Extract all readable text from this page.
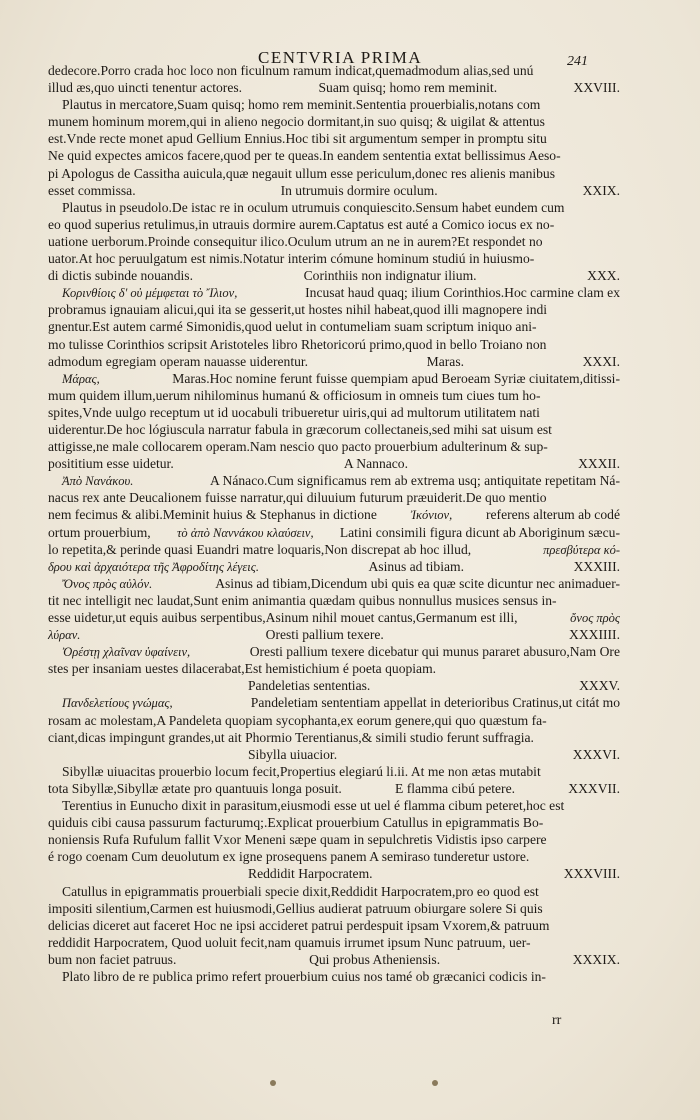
CENTVRIA PRIMA	241
dedecore.Porro crada hoc loco non ficulnum ramum indicat,quemadmodum alias,sed unú
illud æs,quo uincti tenentur actores.	Suam quisq; homo rem meminit.	XXVIII.
Plautus in mercatore,Suam quisq; homo rem meminit.Sententia prouerbialis,notans com
munem hominum morem,qui in alieno negocio dormitant,in suo quisq; & uigilat & attentus
est.Vnde recte monet apud Gellium Ennius.Hoc tibi sit argumentum semper in promptu situ
Ne quid expectes amicos facere,quod per te queas.In eandem sententia extat bellissimus Aeso-
pi Apologus de Cassitha auicula,quæ negauit ullum esse periculum,donec res alienis manibus
esset commissa.	In utrumuis dormire oculum.	XXIX.
Plautus in pseudolo.De istac re in oculum utrumuis conquiescito.Sensum habet eundem cum
eo quod superius retulimus,in utrauis dormire aurem.Captatus est auté a Comico iocus ex no-
uatione uerborum.Proinde consequitur ilico.Oculum utrum an ne in aurem?Et respondet no
uator.At hoc peruulgatum est nimis.Notatur interim cómune hominum studiú in huiusmo-
di dictis subinde nouandis.	Corinthiis non indignatur ilium.	XXX.
Κορινθίοις δ' οὐ μέμφεται τὸ Ἴλιον,	Incusat haud quaq; ilium Corinthios.Hoc carmine clam ex
probramus ignauiam alicui,qui ita se gesserit,ut hostes nihil habeat,quod illi magnopere indi
gnentur.Est autem carmé Simonidis,quod uelut in contumeliam suam scriptum iniquo ani-
mo tulisse Corinthios scripsit Aristoteles libro Rhetoricorú primo,quod in bello Troiano non
admodum egregiam operam nauasse uiderentur.	Maras.	XXXI.
Μάρας,	Maras.Hoc nomine ferunt fuisse quempiam apud Beroeam Syriæ ciuitatem,ditissi-
mum quidem illum,uerum nihilominus humanú & officiosum in omneis tum ciues tum ho-
spites,Vnde uulgo receptum ut id uocabuli tribueretur uiris,qui ad multorum utilitatem nati
uiderentur.De hoc lógiuscula narratur fabula in græcorum collectaneis,sed mihi sat uisum est
attigisse,ne male collocarem operam.Nam nescio quo pacto prouerbium adulterinum & sup-
posititium esse uidetur.	A Nannaco.	XXXII.
Ἀπὸ Νανάκου.	A Nánaco.Cum significamus rem ab extrema usq; antiquitate repetitam Ná-
nacus rex ante Deucalionem fuisse narratur,qui diluuium futurum præuiderit.De quo mentio
nem fecimus & alibi.Meminit huius & Stephanus in dictione	Ἰκόνιον, referens alterum ab codé
ortum prouerbium, τὸ ἀπὸ Ναννάκου κλαύσειν, Latini consimili figura dicunt ab Aboriginum sæcu-
lo repetita,& perinde quasi Euandri matre loquaris,Non discrepat ab hoc illud,	πρεσβύτερα κό-
δρου καὶ ἀρχαιότερα τῆς Ἀφροδίτης λέγεις.	Asinus ad tibiam.	XXXIII.
Ὄνος πρὸς αὐλόν.	Asinus ad tibiam,Dicendum ubi quis ea quæ scite dicuntur nec animaduer-
tit nec intelligit nec laudat,Sunt enim animantia quædam quibus nonnullus musices sensus in-
esse uidetur,ut equis auibus serpentibus,Asinum nihil mouet cantus,Germanum est illi,	ὄνος πρὸς
λύραν.	Oresti pallium texere.	XXXIIII.
Ὀρέστῃ χλαῖναν ὑφαίνειν,	Oresti pallium texere dicebatur qui munus pararet abusuro,Nam Ore
stes per insaniam uestes dilacerabat,Est hemistichium é poeta quopiam.
Pandeletias sententias.	XXXV.
Πανδελετίους γνώμας,	Pandeletiam sententiam appellat in deterioribus Cratinus,ut citát mo
rosam ac molestam,A Pandeleta quopiam sycophanta,ex eorum genere,qui quo quæstum fa-
ciant,dicas impingunt grandes,ut ait Phormio Terentianus,& simili studio ferunt suffragia.
Sibylla uiuacior.	XXXVI.
Sibyllæ uiuacitas prouerbio locum fecit,Propertius elegiarú li.ii. At me non ætas mutabit
tota Sibyllæ,Sibyllæ ætate pro quantuuis longa posuit.	E flamma cibú petere.	XXXVII.
Terentius in Eunucho dixit in parasitum,eiusmodi esse ut uel é flamma cibum peteret,hoc est
quiduis cibi causa passurum facturumq;.Explicat prouerbium Catullus in epigrammatis Bo-
noniensis Rufa Rufulum fallit Vxor Meneni sæpe quam in sepulchretis Vidistis ipso carpere
é rogo coenam Cum deuolutum ex igne prosequens panem A semiraso tunderetur ustore.
Reddidit Harpocratem.	XXXVIII.
Catullus in epigrammatis prouerbiali specie dixit,Reddidit Harpocratem,pro eo quod est
impositi silentium,Carmen est huiusmodi,Gellius audierat patruum obiurgare solere Si quis
delicias diceret aut faceret Hoc ne ipsi accideret patrui perdespuit ipsam Vxorem,& patruum
reddidit Harpocratem, Quod uoluit fecit,nam quamuis irrumet ipsum Nunc patruum, uer-
bum non faciet patruus.	Qui probus Atheniensis.	XXXIX.
Plato libro de re publica primo refert prouerbium cuius nos tamé ob græcanici codicis in-
rr
